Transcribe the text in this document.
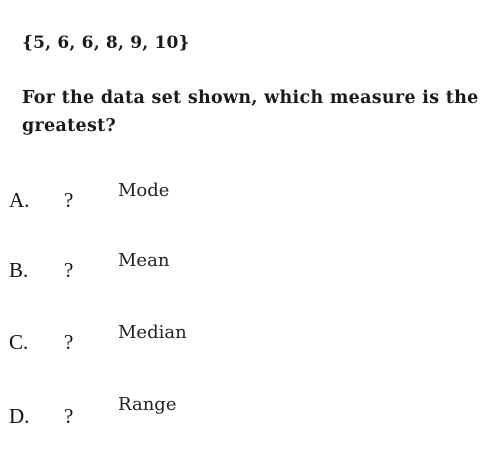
{5, 6, 6, 8, 9, 10}
For the data set shown, which measure is the greatest?
A. ? Mode
B. ? Mean
C. ? Median
D. ? Range
